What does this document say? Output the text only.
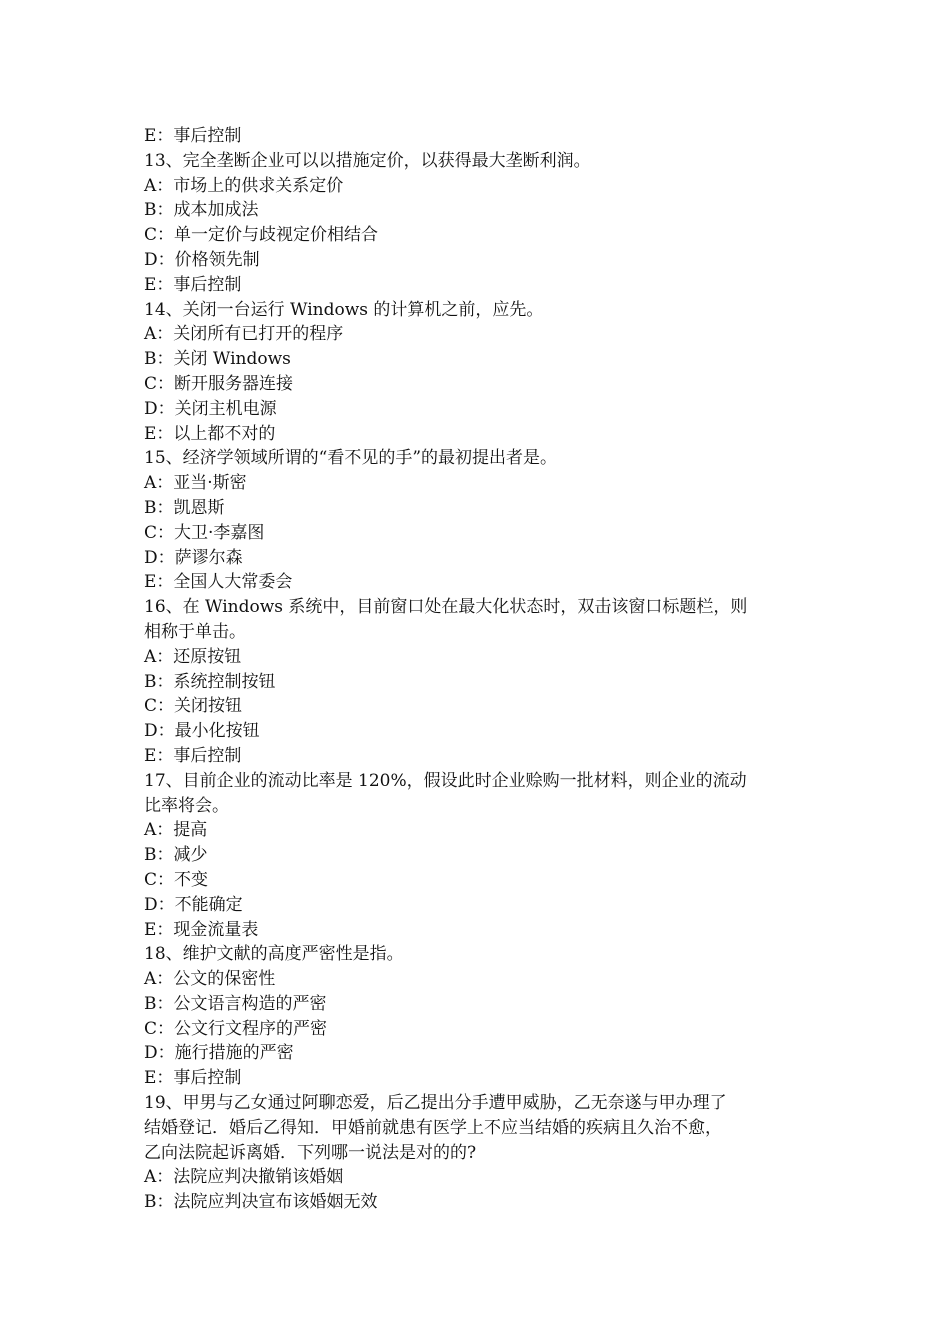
E：事后控制
13、完全垄断企业可以以措施定价，以获得最大垄断利润。
A：市场上的供求关系定价
B：成本加成法
C：单一定价与歧视定价相结合
D：价格领先制
E：事后控制
14、关闭一台运行 Windows 的计算机之前，应先。
A：关闭所有已打开的程序
B：关闭 Windows
C：断开服务器连接
D：关闭主机电源
E：以上都不对的
15、经济学领域所谓的“看不见的手”的最初提出者是。
A：亚当·斯密
B：凯恩斯
C：大卫·李嘉图
D：萨谬尔森
E：全国人大常委会
16、在 Windows 系统中，目前窗口处在最大化状态时，双击该窗口标题栏，则
相称于单击。
A：还原按钮
B：系统控制按钮
C：关闭按钮
D：最小化按钮
E：事后控制
17、目前企业的流动比率是 120%，假设此时企业赊购一批材料，则企业的流动
比率将会。
A：提高
B：减少
C：不变
D：不能确定
E：现金流量表
18、维护文献的高度严密性是指。
A：公文的保密性
B：公文语言构造的严密
C：公文行文程序的严密
D：施行措施的严密
E：事后控制
19、甲男与乙女通过阿聊恋爱，后乙提出分手遭甲威胁，乙无奈遂与甲办理了
结婚登记．婚后乙得知．甲婚前就患有医学上不应当结婚的疾病且久治不愈，
乙向法院起诉离婚．下列哪一说法是对的的?
A：法院应判决撤销该婚姻
B：法院应判决宣布该婚姻无效
